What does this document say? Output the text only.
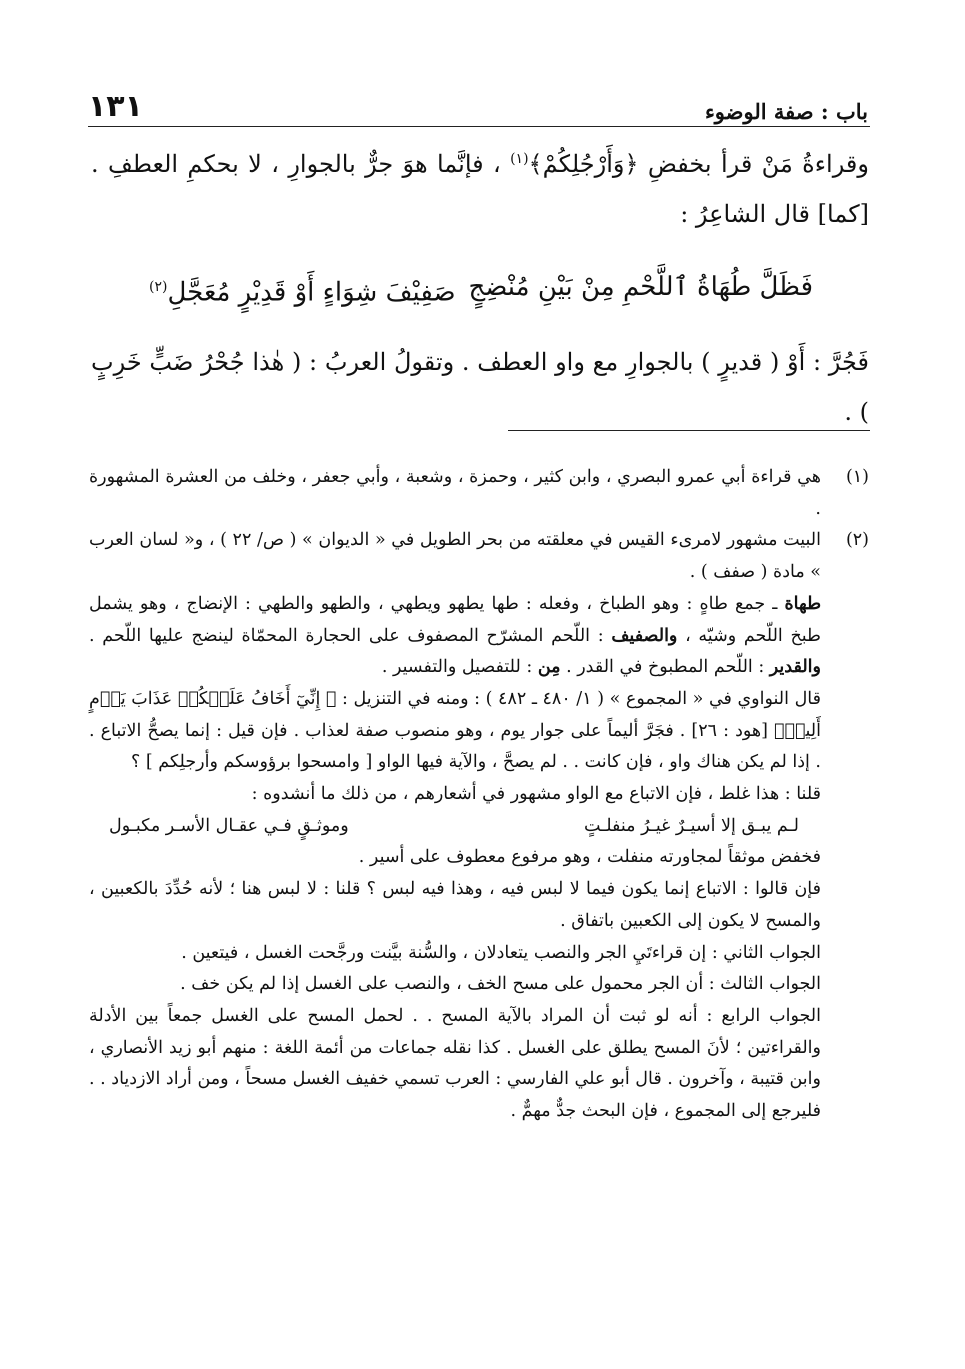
باب : صفة الوضوء
١٣١

وقراءةُ مَنْ قرأ بخفضِ ﴿وَأَرْجُلِكُمْ﴾$^{(١)}$ ، فإنَّما هوَ جرٌّ بالجوارِ ، لا بحكمِ العطفِ . [كما] قال الشاعِرُ :

فَظَلَّ طُهَاةُ ٱللَّحْمِ مِنْ بَيْنِ مُنْضِجٍ
صَفِيْفَ شِوَاءٍ أَوْ قَدِيْرٍ مُعَجَّلِ$^{(٢)}$

فَجُرَّ : أَوْ ( قديرٍ ) بالجوارِ مع واو العطف . وتقولُ العربُ : ( هٰذا جُحْرُ ضَبٍّ خَرِبٍ ) .

(١)

هي قراءة أبي عمرو البصري ، وابن كثير ، وحمزة ، وشعبة ، وأبي جعفر ، وخلف من العشرة المشهورة .

(٢)

البيت مشهور لامرىء القيس في معلقته من بحر الطويل في « الديوان » ( ص/ ٢٢ ) ، و« لسان العرب » مادة ( صفف ) .

طهاة ـ جمع طاهٍ : وهو الطباخ ، وفعله : طها يطهو ويطهي ، والطهو والطهي : الإنضاج ، وهو يشمل طبخ اللّحم وشيّه ، والصفيف : اللّحم المشرّح المصفوف على الحجارة المحمّاة لينضج عليها اللّحم . والقدير : اللّحم المطبوخ في القدر . مِن : للتفصيل والتفسير .

قال النواوي في « المجموع » ( ١/ ٤٨٠ ـ ٤٨٢ ) : ومنه في التنزيل : ﴿ إِنِّيٓ أَخَافُ عَلَيۡكُمۡ عَذَابَ يَوۡمٍ أَلِيمٖ﴾ [هود : ٢٦] . فجَرَّ أليماً على جوار يوم ، وهو منصوب صفة لعذاب . فإن قيل : إنما يصحُّ الاتباع . . إذا لم يكن هناك واو ، فإن كانت . . لم يصحَّ ، والآية فيها الواو [ وامسحوا برؤوسكم وأرجلِكم ] ؟

قلنا : هذا غلط ، فإن الاتباع مع الواو مشهور في أشعارهم ، من ذلك ما أنشدوه :

لـم يبـق إلا أسيـرٌ غيـرُ منفلـتٍ
وموثـقٍ فـي عقـال الأسـر مكبـول

فخفض موثقاً لمجاورته منفلت ، وهو مرفوع معطوف على أسير .

فإن قالوا : الاتباع إنما يكون فيما لا لبس فيه ، وهذا فيه لبس ؟ قلنا : لا لبس هنا ؛ لأنه حُدِّدَ بالكعبين ، والمسح لا يكون إلى الكعبين باتفاق .

الجواب الثاني : إن قراءتَيِ الجر والنصب يتعادلان ، والسُّنة بيَّنت ورجَّحت الغسل ، فيتعين .

الجواب الثالث : أن الجر محمول على مسح الخف ، والنصب على الغسل إذا لم يكن خف .

الجواب الرابع : أنه لو ثبت أن المراد بالآية المسح . . لحمل المسح على الغسل جمعاً بين الأدلة والقراءتين ؛ لأنَ المسح يطلق على الغسل . كذا نقله جماعات من أئمة اللغة : منهم أبو زيد الأنصاري ، وابن قتيبة ، وآخرون . قال أبو علي الفارسي : العرب تسمي خفيف الغسل مسحاً ، ومن أراد الازدياد . . فليرجع إلى المجموع ، فإن البحث جدٌّ مهمٌّ .
